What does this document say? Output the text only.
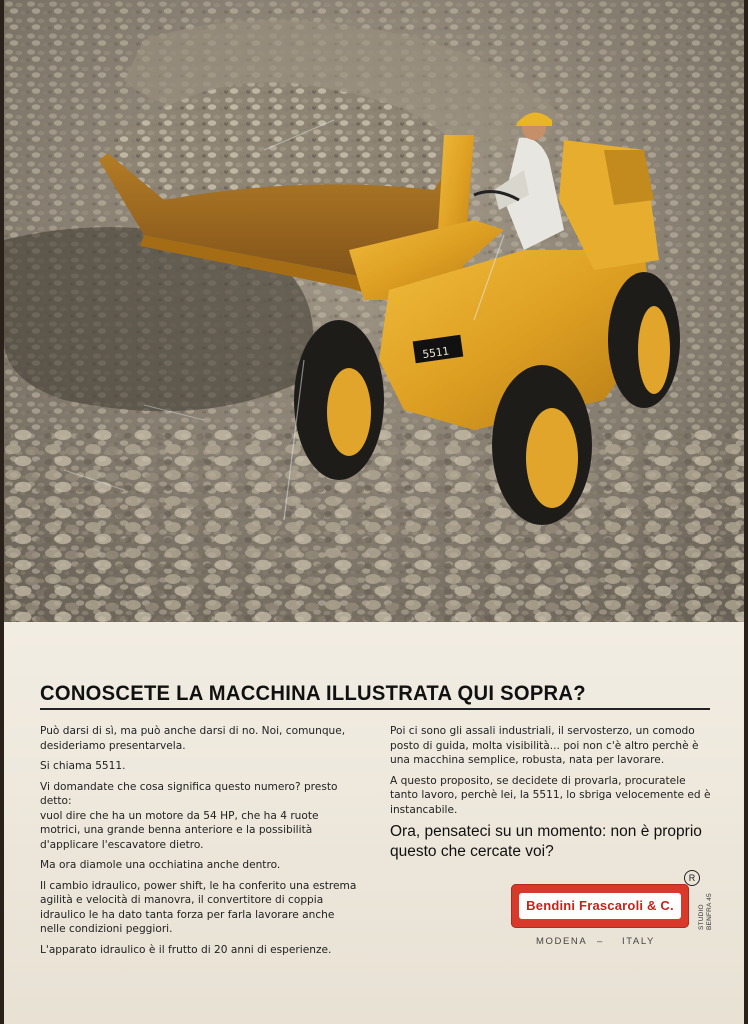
5511
CONOSCETE LA MACCHINA ILLUSTRATA QUI SOPRA?

Può darsi di sì, ma può anche darsi di no. Noi, comunque, desideriamo presentarvela.

Si chiama 5511.

Vi domandate che cosa significa questo numero? presto detto:

vuol dire che ha un motore da 54 HP, che ha 4 ruote motrici, una grande benna anteriore e la possibilità d'applicare l'escavatore dietro.

Ma ora diamole una occhiatina anche dentro.

Il cambio idraulico, power shift, le ha conferito una estrema agilità e velocità di manovra, il convertitore di coppia idraulico le ha dato tanta forza per farla lavorare anche nelle condizioni peggiori.

L'apparato idraulico è il frutto di 20 anni di esperienze.

Poi ci sono gli assali industriali, il servosterzo, un comodo posto di guida, molta visibilità... poi non c'è altro perchè è una macchina semplice, robusta, nata per lavorare.

A questo proposito, se decidete di provarla, procuratele tanto lavoro, perchè lei, la 5511, lo sbriga velocemente ed è instancabile.

Ora, pensateci su un momento: non è proprio questo che cercate voi?
R
Bendini Frascaroli & C.	STUDIO BENFRA 45
MODENA – ITALY
